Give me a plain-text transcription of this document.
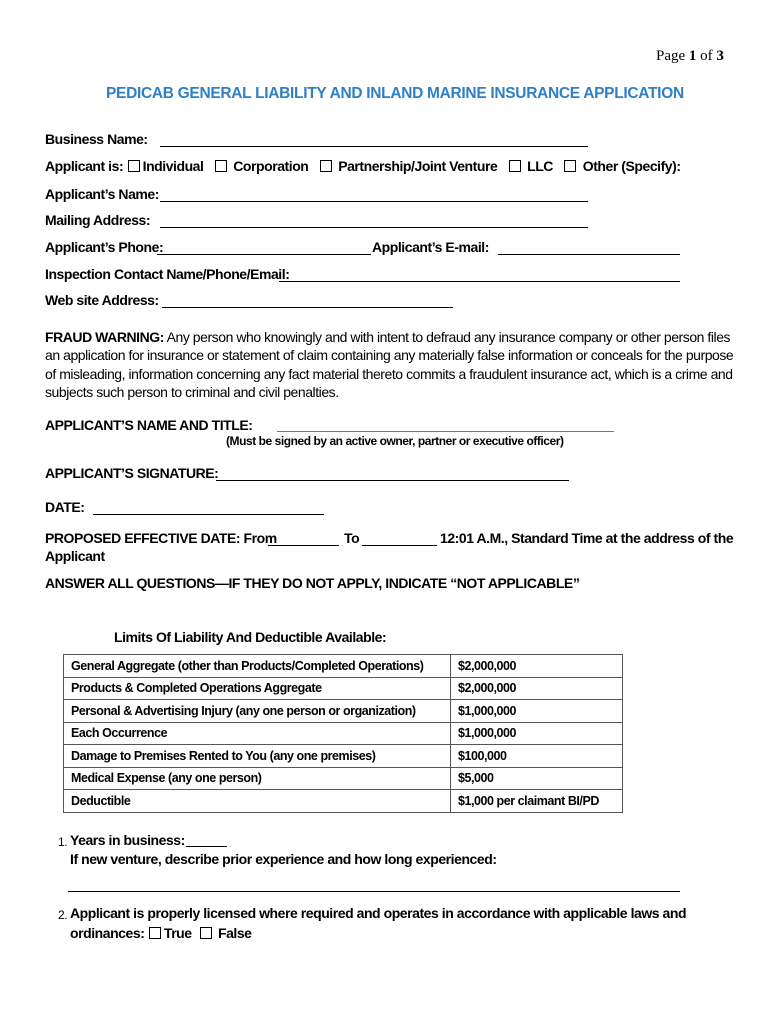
Page 1 of 3
PEDICAB GENERAL LIABILITY AND INLAND MARINE INSURANCE APPLICATION
Business Name:
Applicant is: Individual Corporation Partnership/Joint Venture LLC Other (Specify):
Applicant’s Name:
Mailing Address:
Applicant’s Phone:	Applicant’s E-mail:
Inspection Contact Name/Phone/Email:
Web site Address:
FRAUD WARNING: Any person who knowingly and with intent to defraud any insurance company or other person files an application for insurance or statement of claim containing any materially false information or conceals for the purpose of misleading, information concerning any fact material thereto commits a fraudulent insurance act, which is a crime and subjects such person to criminal and civil penalties.
APPLICANT’S NAME AND TITLE:
(Must be signed by an active owner, partner or executive officer)
APPLICANT’S SIGNATURE:
DATE:
PROPOSED EFFECTIVE DATE: From	To	12:01 A.M., Standard Time at the address of the
Applicant
ANSWER ALL QUESTIONS—IF THEY DO NOT APPLY, INDICATE “NOT APPLICABLE”
Limits Of Liability And Deductible Available:
General Aggregate (other than Products/Completed Operations)	$2,000,000
Products & Completed Operations Aggregate	$2,000,000
Personal & Advertising Injury (any one person or organization)	$1,000,000
Each Occurrence	$1,000,000
Damage to Premises Rented to You (any one premises)	$100,000
Medical Expense (any one person)	$5,000
Deductible	$1,000 per claimant BI/PD
1. Years in business:
If new venture, describe prior experience and how long experienced:
2. Applicant is properly licensed where required and operates in accordance with applicable laws and
ordinances: True False
